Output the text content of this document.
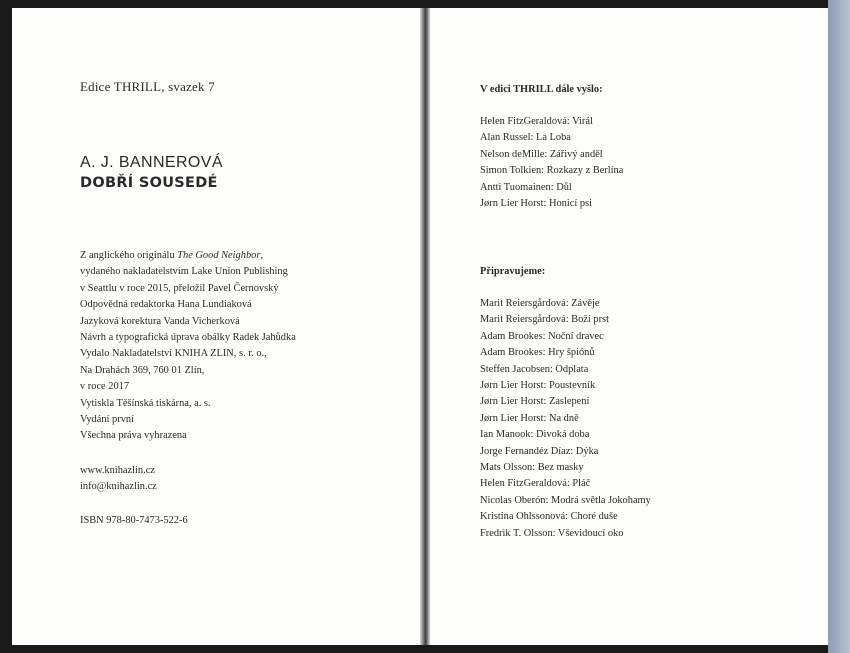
Edice THRILL, svazek 7
A. J. BANNEROVÁ
DOBŘÍ SOUSEDÉ
Z anglického originálu The Good Neighbor,
vydaného nakladatelstvím Lake Union Publishing
v Seattlu v roce 2015, přeložil Pavel Černovský
Odpovědná redaktorka Hana Lundiaková
Jazyková korektura Vanda Vicherková
Návrh a typografická úprava obálky Radek Jahůdka
Vydalo Nakladatelství KNIHA ZLIN, s. r. o.,
Na Drahách 369, 760 01 Zlín,
v roce 2017
Vytiskla Těšínská tiskárna, a. s.
Vydání první
Všechna práva vyhrazena
www.knihazlin.cz
info@knihazlin.cz
ISBN 978-80-7473-522-6
V edici THRILL dále vyšlo:
Helen FitzGeraldová: Virál
Alan Russel: La Loba
Nelson deMille: Zářivý anděl
Simon Tolkien: Rozkazy z Berlína
Antti Tuomainen: Důl
Jørn Lier Horst: Honicí psi
Připravujeme:
Marit Reiersgårdová: Závěje
Marit Reiersgårdová: Boží prst
Adam Brookes: Noční dravec
Adam Brookes: Hry špiónů
Steffen Jacobsen: Odplata
Jørn Lier Horst: Poustevník
Jørn Lier Horst: Zaslepení
Jørn Lier Horst: Na dně
Ian Manook: Divoká doba
Jorge Fernandéz Díaz: Dýka
Mats Olsson: Bez masky
Helen FitzGeraldová: Pláč
Nicolas Oberón: Modrá světla Jokohamy
Kristina Ohlssonová: Choré duše
Fredrik T. Olsson: Vševidoucí oko
